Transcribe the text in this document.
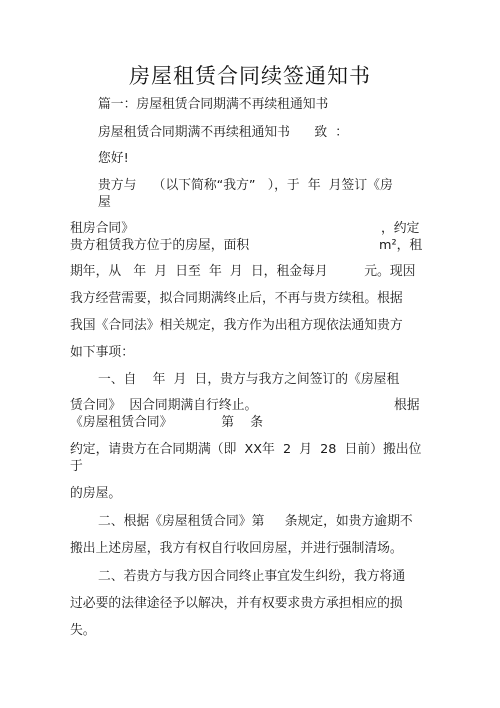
房屋租赁合同续签通知书
篇一：房屋租赁合同期满不再续租通知书
房屋租赁合同期满不再续租通知书      致  ：
您好!
贵方与    （以下简称“我方”   ），于  年  月签订《房
屋
租房合同》	，约定
贵方租赁我方位于的房屋，面积	m²，租
期年，从   年  月  日至  年  月  日，租金每月         元。现因
我方经营需要，拟合同期满终止后，不再与贵方续租。根据
我国《合同法》相关规定，我方作为出租方现依法通知贵方
如下事项：
一、自    年  月  日，贵方与我方之间签订的《房屋租
赁合同》  因合同期满自行终止。	根据
《房屋租赁合同》            第    条
约定，请贵方在合同期满（即  XX年  2  月  28  日前）搬出位
于
的房屋。
二、根据《房屋租赁合同》第     条规定，如贵方逾期不
搬出上述房屋，我方有权自行收回房屋，并进行强制清场。
二、若贵方与我方因合同终止事宜发生纠纷，我方将通
过必要的法律途径予以解决，并有权要求贵方承担相应的损
失。
